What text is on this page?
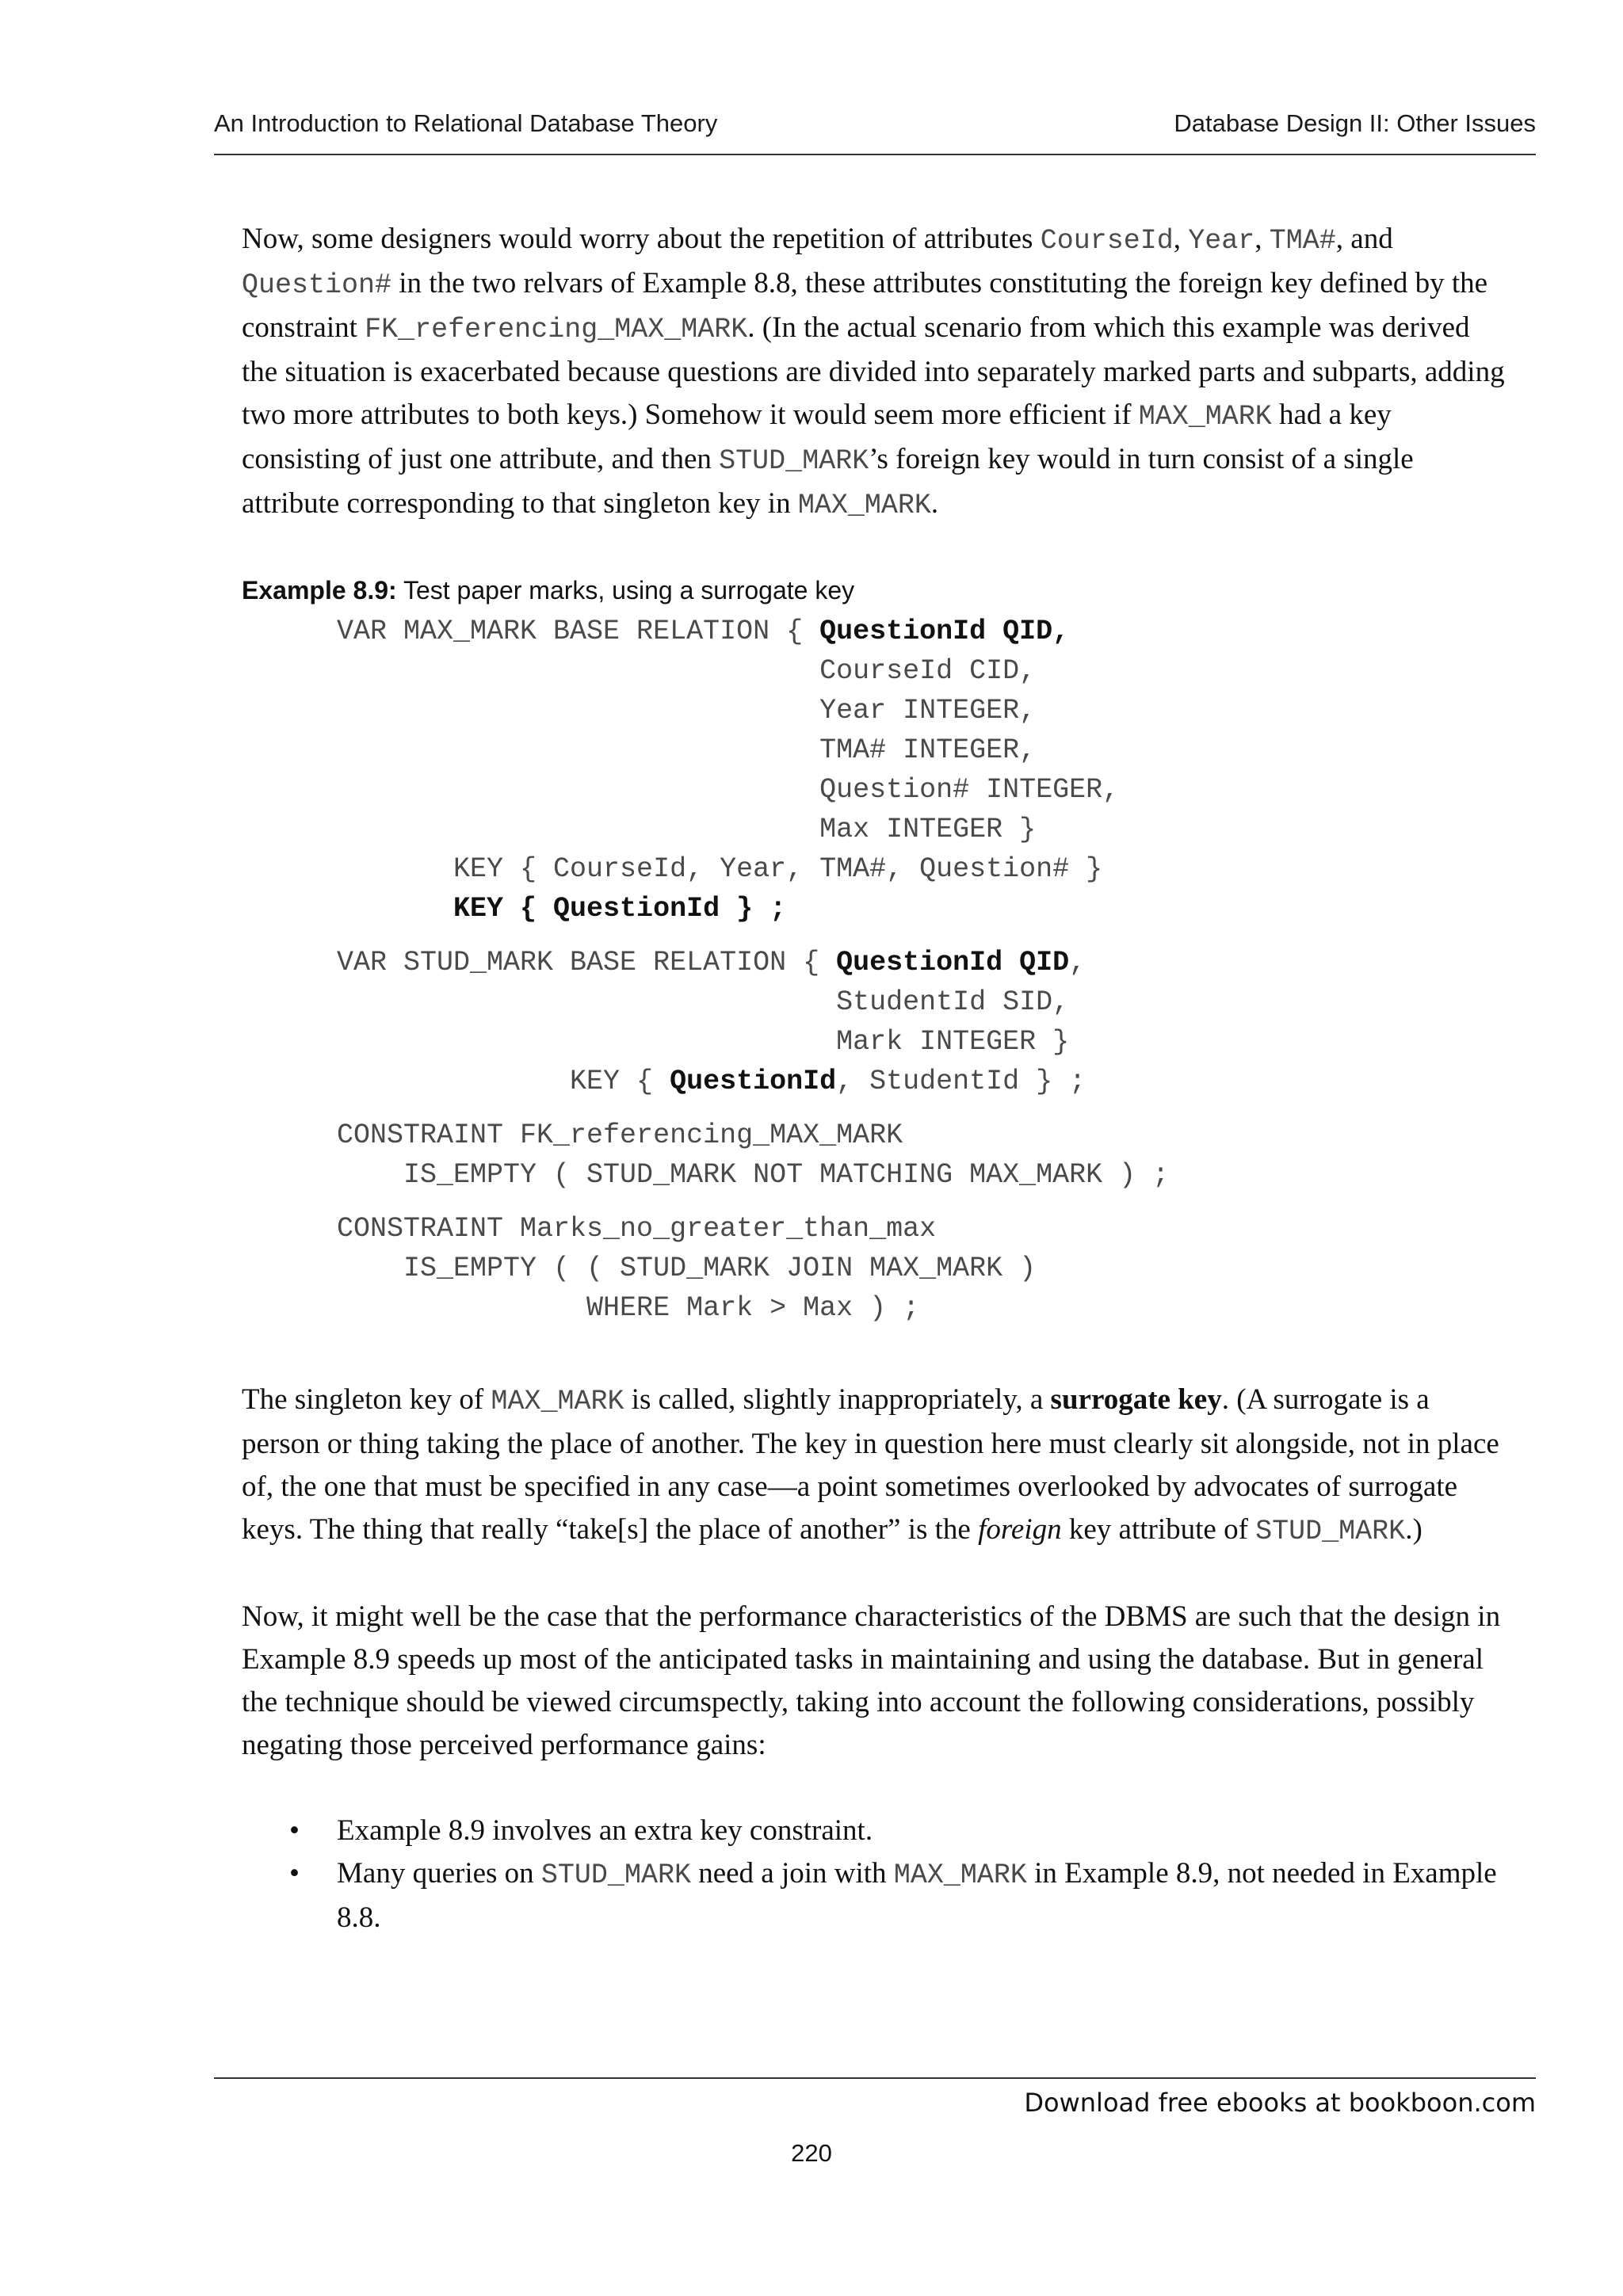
An Introduction to Relational Database Theory	Database Design II: Other Issues

Now, some designers would worry about the repetition of attributes CourseId, Year, TMA#, and Question# in the two relvars of Example 8.8, these attributes constituting the foreign key defined by the constraint FK_referencing_MAX_MARK. (In the actual scenario from which this example was derived the situation is exacerbated because questions are divided into separately marked parts and subparts, adding two more attributes to both keys.) Somehow it would seem more efficient if MAX_MARK had a key consisting of just one attribute, and then STUD_MARK’s foreign key would in turn consist of a single attribute corresponding to that singleton key in MAX_MARK.

Example 8.9: Test paper marks, using a surrogate key

VAR MAX_MARK BASE RELATION { QuestionId QID,

CourseId CID,

Year INTEGER,

TMA# INTEGER,

Question# INTEGER,

Max INTEGER }

KEY { CourseId, Year, TMA#, Question# }

KEY { QuestionId } ;

VAR STUD_MARK BASE RELATION { QuestionId QID,

StudentId SID,

Mark INTEGER }

KEY { QuestionId, StudentId } ;

CONSTRAINT FK_referencing_MAX_MARK

IS_EMPTY ( STUD_MARK NOT MATCHING MAX_MARK ) ;

CONSTRAINT Marks_no_greater_than_max

IS_EMPTY ( ( STUD_MARK JOIN MAX_MARK )

WHERE Mark > Max ) ;

The singleton key of MAX_MARK is called, slightly inappropriately, a surrogate key. (A surrogate is a person or thing taking the place of another. The key in question here must clearly sit alongside, not in place of, the one that must be specified in any case—a point sometimes overlooked by advocates of surrogate keys. The thing that really “take[s] the place of another” is the foreign key attribute of STUD_MARK.)

Now, it might well be the case that the performance characteristics of the DBMS are such that the design in Example 8.9 speeds up most of the anticipated tasks in maintaining and using the database. But in general the technique should be viewed circumspectly, taking into account the following considerations, possibly negating those perceived performance gains:

• Example 8.9 involves an extra key constraint.
• Many queries on STUD_MARK need a join with MAX_MARK in Example 8.9, not needed in Example 8.8.
Download free ebooks at bookboon.com
220
